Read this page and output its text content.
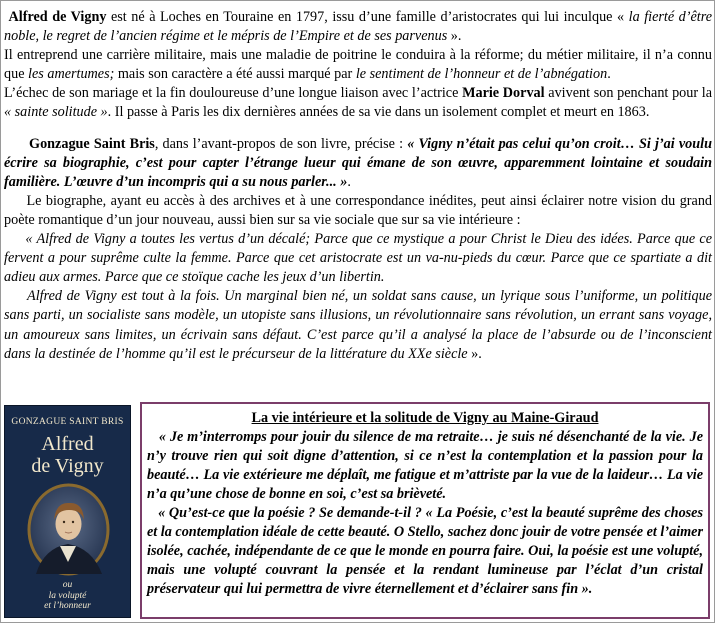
Alfred de Vigny est né à Loches en Touraine en 1797, issu d’une famille d’aristocrates qui lui inculque « la fierté d’être noble, le regret de l’ancien régime et le mépris de l’Empire et de ses parvenus ».

Il entreprend une carrière militaire, mais une maladie de poitrine le conduira à la réforme; du métier militaire, il n’a connu que les amertumes; mais son caractère a été aussi marqué par le sentiment de l’honneur et de l’abnégation.

L’échec de son mariage et la fin douloureuse d’une longue liaison avec l’actrice Marie Dorval avivent son penchant pour la « sainte solitude ». Il passe à Paris les dix dernières années de sa vie dans un isolement complet et meurt en 1863.

Gonzague Saint Bris, dans l’avant-propos de son livre, précise : « Vigny n’était pas celui qu’on croit… Si j’ai voulu écrire sa biographie, c’est pour capter l’étrange lueur qui émane de son œuvre, apparemment lointaine et soudain familière. L’œuvre d’un incompris qui a su nous parler... ».

Le biographe, ayant eu accès à des archives et à une correspondance inédites, peut ainsi éclairer notre vision du grand poète romantique d’un jour nouveau, aussi bien sur sa vie sociale que sur sa vie intérieure :

« Alfred de Vigny a toutes les vertus d’un décalé; Parce que ce mystique a pour Christ le Dieu des idées. Parce que ce fervent a pour suprême culte la femme. Parce que cet aristocrate est un va-nu-pieds du cœur. Parce que ce spartiate a dit adieu aux armes. Parce que ce stoïque cache les jeux d’un libertin.

Alfred de Vigny est tout à la fois. Un marginal bien né, un soldat sans cause, un lyrique sous l’uniforme, un politique sans parti, un socialiste sans modèle, un utopiste sans illusions, un révolutionnaire sans révolution, un errant sans voyage, un amoureux sans limites, un écrivain sans défaut. C’est parce qu’il a analysé la place de l’absurde ou de l’inconscient dans la destinée de l’homme qu’il est le précurseur de la littérature du XXe siècle ».

GONZAGUE SAINT BRIS
Alfred
de Vigny
ou
la volupté
et l’honneur

La vie intérieure et la solitude de Vigny au Maine-Giraud

« Je m’interromps pour jouir du silence de ma retraite… je suis né désenchanté de la vie. Je n’y trouve rien qui soit digne d’attention, si ce n’est la contemplation et la passion pour la beauté… La vie extérieure me déplaît, me fatigue et m’attriste par la vue de la laideur… La vie n’a qu’une chose de bonne en soi, c’est sa brièveté.

« Qu’est-ce que la poésie ? Se demande-t-il ? « La Poésie, c’est la beauté suprême des choses et la contemplation idéale de cette beauté. O Stello, sachez donc jouir de votre pensée et l’aimer isolée, cachée, indépendante de ce que le monde en pourra faire. Oui, la poésie est une volupté, mais une volupté couvrant la pensée et la rendant lumineuse par l’éclat d’un cristal préservateur qui lui permettra de vivre éternellement et d’éclairer sans fin ».
